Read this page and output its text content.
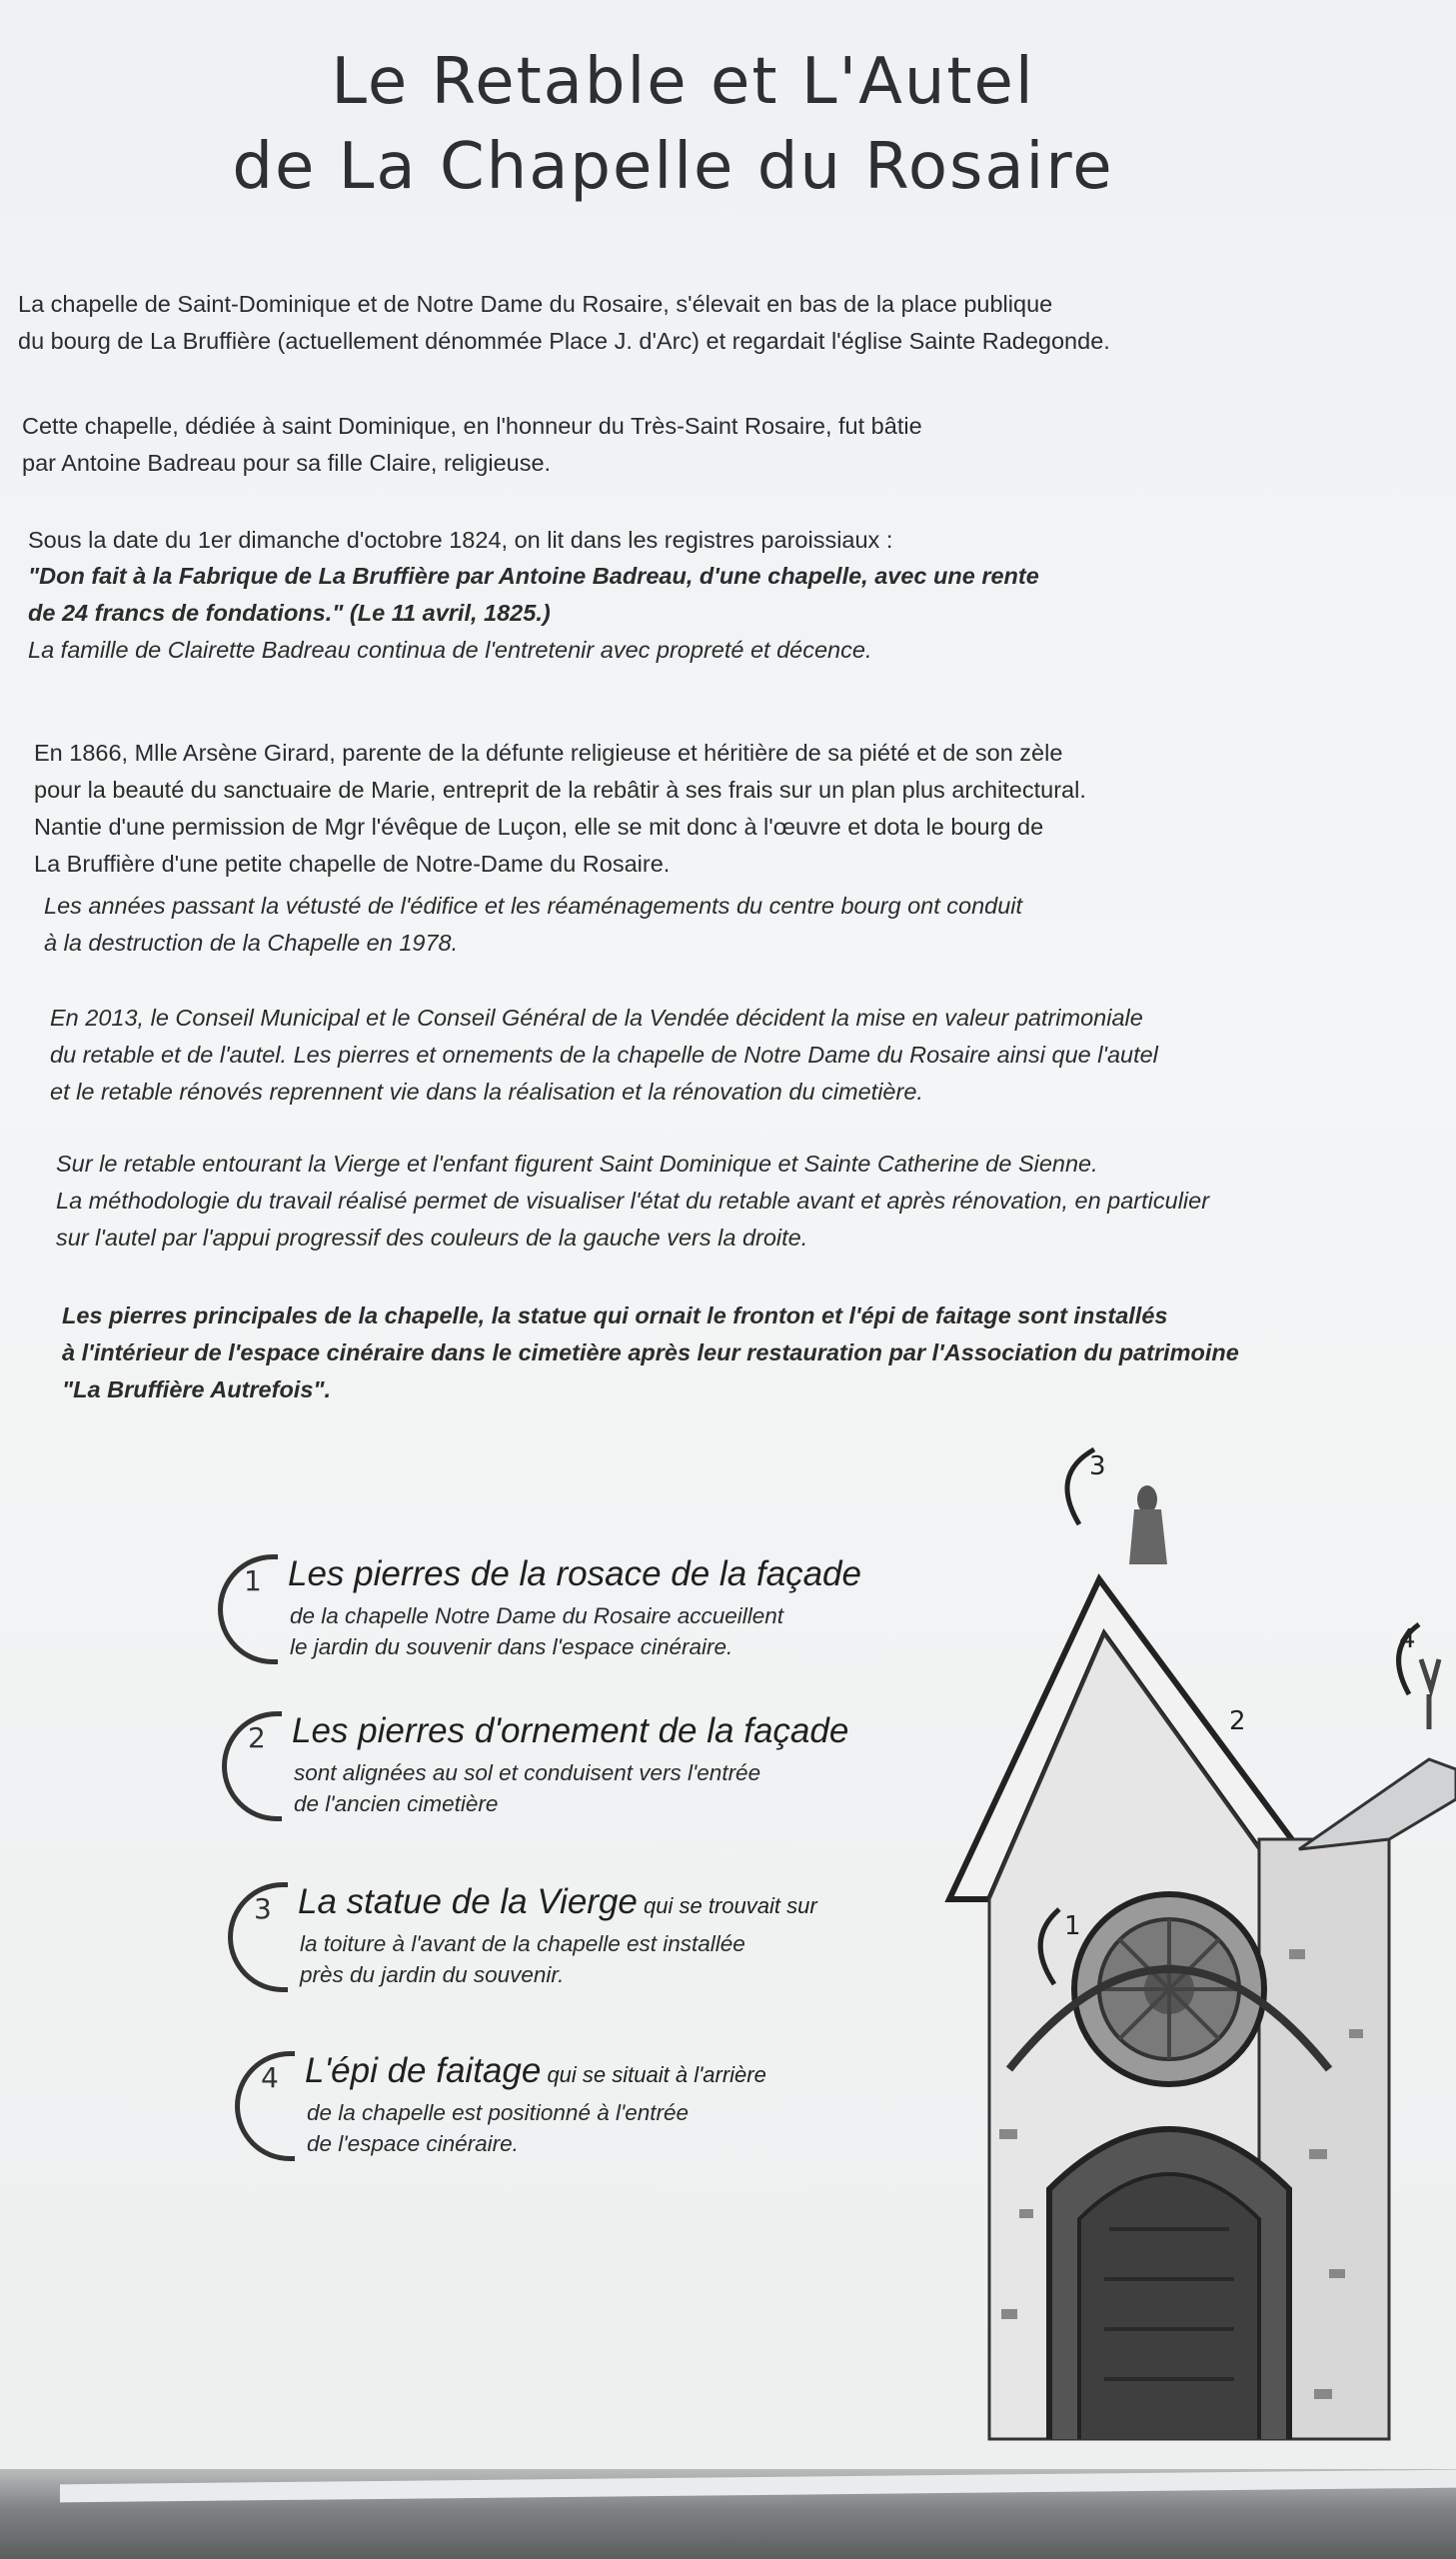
Le Retable et L'Autel
de La Chapelle du Rosaire
La chapelle de Saint-Dominique et de Notre Dame du Rosaire, s'élevait en bas de la place publique
du bourg de La Bruffière (actuellement dénommée Place J. d'Arc) et regardait l'église Sainte Radegonde.
Cette chapelle, dédiée à saint Dominique, en l'honneur du Très-Saint Rosaire, fut bâtie
par Antoine Badreau pour sa fille Claire, religieuse.
Sous la date du 1er dimanche d'octobre 1824, on lit dans les registres paroissiaux :
"Don fait à la Fabrique de La Bruffière par Antoine Badreau, d'une chapelle, avec une rente
de 24 francs de fondations." (Le 11 avril, 1825.)
La famille de Clairette Badreau continua de l'entretenir avec propreté et décence.
En 1866, Mlle Arsène Girard, parente de la défunte religieuse et héritière de sa piété et de son zèle
pour la beauté du sanctuaire de Marie, entreprit de la rebâtir à ses frais sur un plan plus architectural.
Nantie d'une permission de Mgr l'évêque de Luçon, elle se mit donc à l'œuvre et dota le bourg de
La Bruffière d'une petite chapelle de Notre-Dame du Rosaire.
Les années passant la vétusté de l'édifice et les réaménagements du centre bourg ont conduit
à la destruction de la Chapelle en 1978.
En 2013, le Conseil Municipal et le Conseil Général de la Vendée décident la mise en valeur patrimoniale
du retable et de l'autel. Les pierres et ornements de la chapelle de Notre Dame du Rosaire ainsi que l'autel
et le retable rénovés reprennent vie dans la réalisation et la rénovation du cimetière.
Sur le retable entourant la Vierge et l'enfant figurent Saint Dominique et Sainte Catherine de Sienne.
La méthodologie du travail réalisé permet de visualiser l'état du retable avant et après rénovation, en particulier
sur l'autel par l'appui progressif des couleurs de la gauche vers la droite.
Les pierres principales de la chapelle, la statue qui ornait le fronton et l'épi de faitage sont installés
à l'intérieur de l'espace cinéraire dans le cimetière après leur restauration par l'Association du patrimoine
"La Bruffière Autrefois".
1 Les pierres de la rosace de la façade
de la chapelle Notre Dame du Rosaire accueillent
le jardin du souvenir dans l'espace cinéraire.
2 Les pierres d'ornement de la façade
sont alignées au sol et conduisent vers l'entrée
de l'ancien cimetière
3 La statue de la Vierge qui se trouvait sur
la toiture à l'avant de la chapelle est installée
près du jardin du souvenir.
4 L'épi de faitage qui se situait à l'arrière
de la chapelle est positionné à l'entrée
de l'espace cinéraire.
3
4
2
1
